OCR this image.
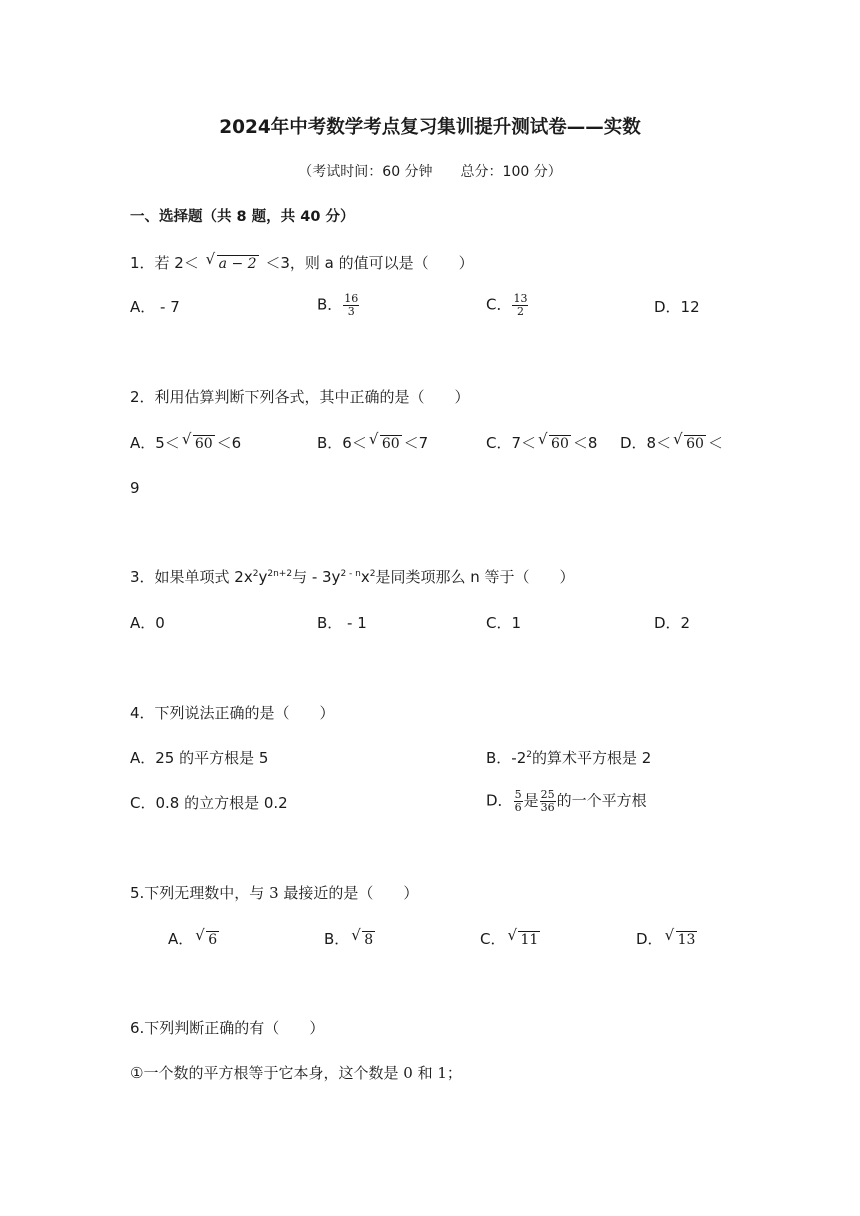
2024年中考数学考点复习集训提升测试卷——实数
（考试时间：60 分钟　　总分：100 分）
一、选择题（共 8 题，共 40 分）
1．若 2＜ √ a − 2 ＜3，则 a 的值可以是（　　）
A． - 7	B． $\frac{16}{3}$	C． $\frac{13}{2}$	D．12
2．利用估算判断下列各式，其中正确的是（　　）
A．5＜ √ 60 ＜6	B．6＜ √ 60 ＜7	C．7＜ √ 60 ＜8 D．8＜ √ 60 ＜
9
3．如果单项式 $2x^2y^{2n+2}$与 - $3y^{2 - n}x^2$是同类项那么 n 等于（　　）
A．0	B． - 1	C．1	D．2
4．下列说法正确的是（　　）
A．25 的平方根是 5	B．$-2^2$的算术平方根是 2
C．0.8 的立方根是 0.2	D． $\frac{5}{6}$ 是 $\frac{25}{36}$ 的一个平方根
5.下列无理数中，与 3 最接近的是（　　）
A． √ 6	B． √ 8	C． √ 11	D． √ 13
6.下列判断正确的有（　　）
①一个数的平方根等于它本身，这个数是 0 和 1；
